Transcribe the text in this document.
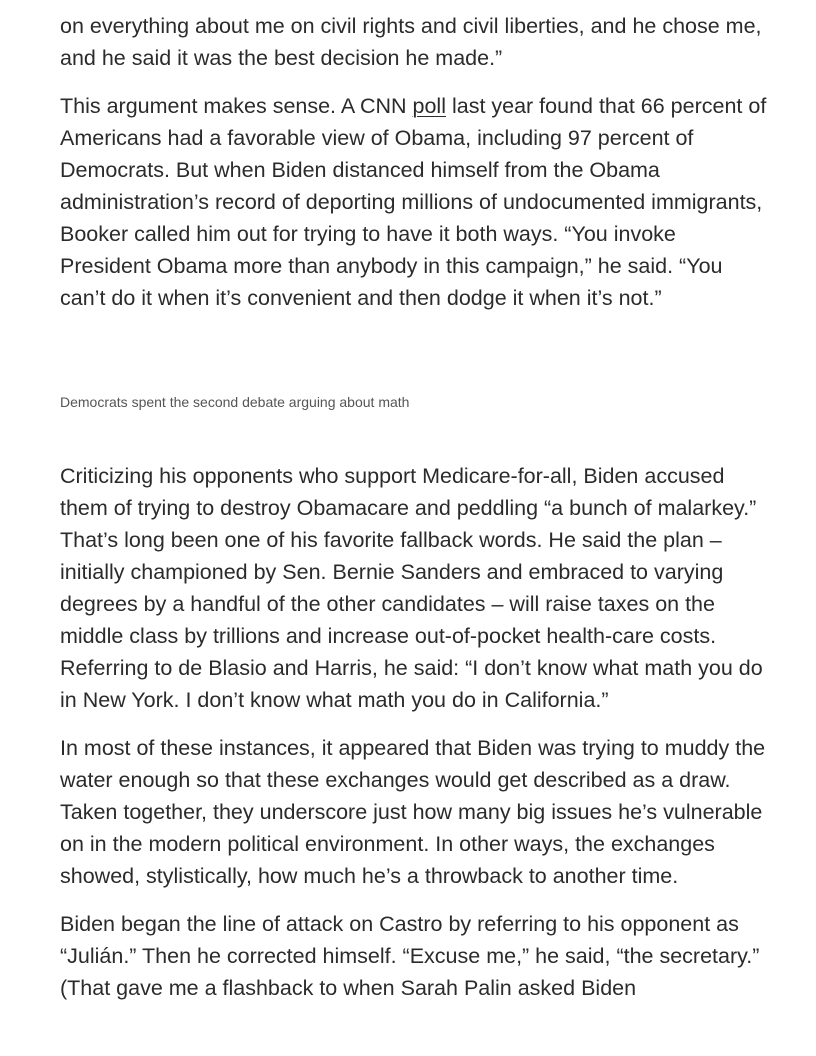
on everything about me on civil rights and civil liberties, and he chose me, and he said it was the best decision he made.”

This argument makes sense. A CNN poll last year found that 66 percent of Americans had a favorable view of Obama, including 97 percent of Democrats. But when Biden distanced himself from the Obama administration’s record of deporting millions of undocumented immigrants, Booker called him out for trying to have it both ways. “You invoke President Obama more than anybody in this campaign,” he said. “You can’t do it when it’s convenient and then dodge it when it’s not.”

Democrats spent the second debate arguing about math

Criticizing his opponents who support Medicare-for-all, Biden accused them of trying to destroy Obamacare and peddling “a bunch of malarkey.” That’s long been one of his favorite fallback words. He said the plan – initially championed by Sen. Bernie Sanders and embraced to varying degrees by a handful of the other candidates – will raise taxes on the middle class by trillions and increase out-of-pocket health-care costs. Referring to de Blasio and Harris, he said: “I don’t know what math you do in New York. I don’t know what math you do in California.”

In most of these instances, it appeared that Biden was trying to muddy the water enough so that these exchanges would get described as a draw. Taken together, they underscore just how many big issues he’s vulnerable on in the modern political environment. In other ways, the exchanges showed, stylistically, how much he’s a throwback to another time.

Biden began the line of attack on Castro by referring to his opponent as “Julián.” Then he corrected himself. “Excuse me,” he said, “the secretary.” (That gave me a flashback to when Sarah Palin asked Biden
